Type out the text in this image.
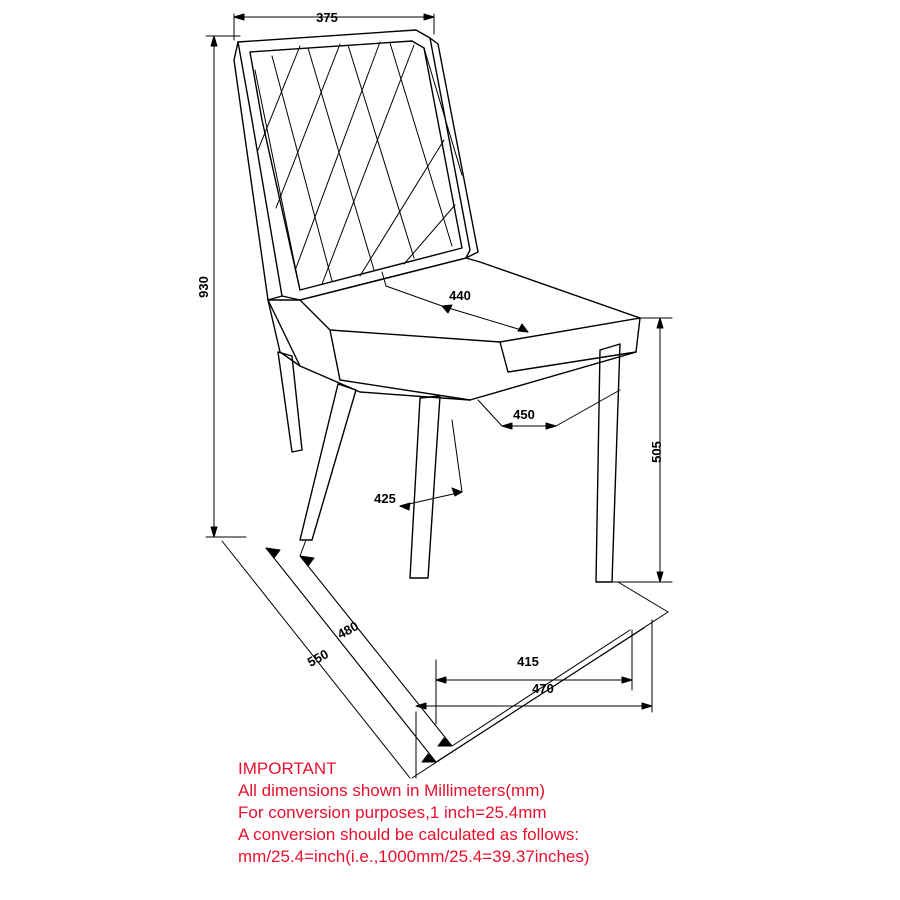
375
930	440
450
505
425
480
550	415
470
IMPORTANT
All dimensions shown in Millimeters(mm)
For conversion purposes,1 inch=25.4mm
A conversion should be calculated as follows:
mm/25.4=inch(i.e.,1000mm/25.4=39.37inches)
